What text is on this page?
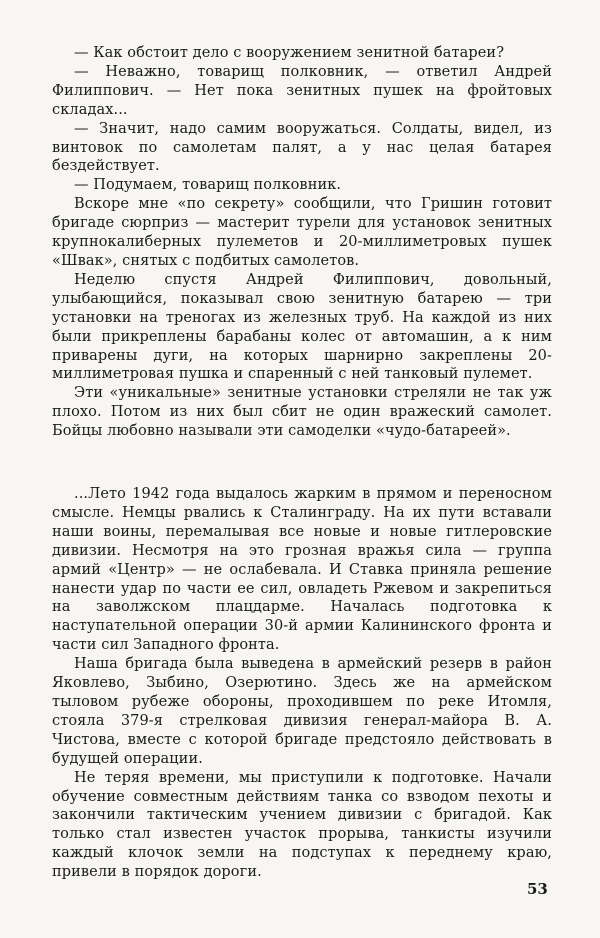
— Как обстоит дело с вооружением зенитной батареи?

— Неважно, товарищ полковник, — ответил Андрей Филиппович. — Нет пока зенитных пушек на фройтовых складах...

— Значит, надо самим вооружаться. Солдаты, видел, из винтовок по самолетам палят, а у нас целая батарея бездействует.

— Подумаем, товарищ полковник.

Вскоре мне «по секрету» сообщили, что Гришин готовит бригаде сюрприз — мастерит турели для установок зенитных крупнокалиберных пулеметов и 20-миллиметровых пушек «Швак», снятых с подбитых самолетов.

Неделю спустя Андрей Филиппович, довольный, улыбающийся, показывал свою зенитную батарею — три установки на треногах из железных труб. На каждой из них были прикреплены барабаны колес от автомашин, а к ним приварены дуги, на которых шарнирно закреплены 20-миллиметровая пушка и спаренный с ней танковый пулемет.

Эти «уникальные» зенитные установки стреляли не так уж плохо. Потом из них был сбит не один вражеский самолет. Бойцы любовно называли эти самоделки «чудо-батареей».

...Лето 1942 года выдалось жарким в прямом и переносном смысле. Немцы рвались к Сталинграду. На их пути вставали наши воины, перемалывая все новые и новые гитлеровские дивизии. Несмотря на это грозная вражья сила — группа армий «Центр» — не ослабевала. И Ставка приняла решение нанести удар по части ее сил, овладеть Ржевом и закрепиться на заволжском плацдарме. Началась подготовка к наступательной операции 30-й армии Калининского фронта и части сил Западного фронта.

Наша бригада была выведена в армейский резерв в район Яковлево, Зыбино, Озерютино. Здесь же на армейском тыловом рубеже обороны, проходившем по реке Итомля, стояла 379-я стрелковая дивизия генерал-майора В. А. Чистова, вместе с которой бригаде предстояло действовать в будущей операции.

Не теряя времени, мы приступили к подготовке. Начали обучение совместным действиям танка со взводом пехоты и закончили тактическим учением дивизии с бригадой. Как только стал известен участок прорыва, танкисты изучили каждый клочок земли на подступах к переднему краю, привели в порядок дороги.

53
